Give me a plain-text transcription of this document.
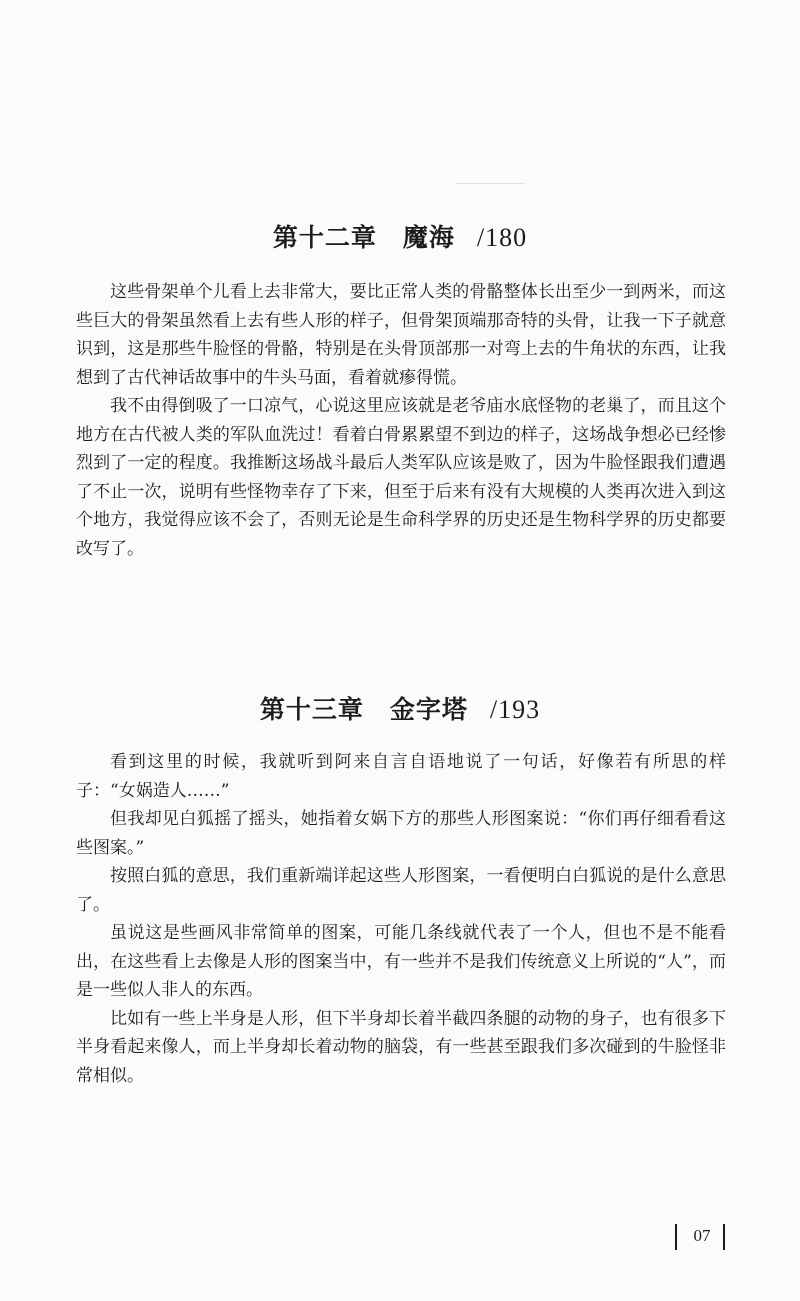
第十二章　魔海 /180

这些骨架单个儿看上去非常大，要比正常人类的骨骼整体长出至少一到两米，而这些巨大的骨架虽然看上去有些人形的样子，但骨架顶端那奇特的头骨，让我一下子就意识到，这是那些牛脸怪的骨骼，特别是在头骨顶部那一对弯上去的牛角状的东西，让我想到了古代神话故事中的牛头马面，看着就瘆得慌。

我不由得倒吸了一口凉气，心说这里应该就是老爷庙水底怪物的老巢了，而且这个地方在古代被人类的军队血洗过！看着白骨累累望不到边的样子，这场战争想必已经惨烈到了一定的程度。我推断这场战斗最后人类军队应该是败了，因为牛脸怪跟我们遭遇了不止一次，说明有些怪物幸存了下来，但至于后来有没有大规模的人类再次进入到这个地方，我觉得应该不会了，否则无论是生命科学界的历史还是生物科学界的历史都要改写了。

第十三章　金字塔 /193

看到这里的时候，我就听到阿来自言自语地说了一句话，好像若有所思的样子：“女娲造人……”

但我却见白狐摇了摇头，她指着女娲下方的那些人形图案说：“你们再仔细看看这些图案。”

按照白狐的意思，我们重新端详起这些人形图案，一看便明白白狐说的是什么意思了。

虽说这是些画风非常简单的图案，可能几条线就代表了一个人，但也不是不能看出，在这些看上去像是人形的图案当中，有一些并不是我们传统意义上所说的“人”，而是一些似人非人的东西。

比如有一些上半身是人形，但下半身却长着半截四条腿的动物的身子，也有很多下半身看起来像人，而上半身却长着动物的脑袋，有一些甚至跟我们多次碰到的牛脸怪非常相似。

07
